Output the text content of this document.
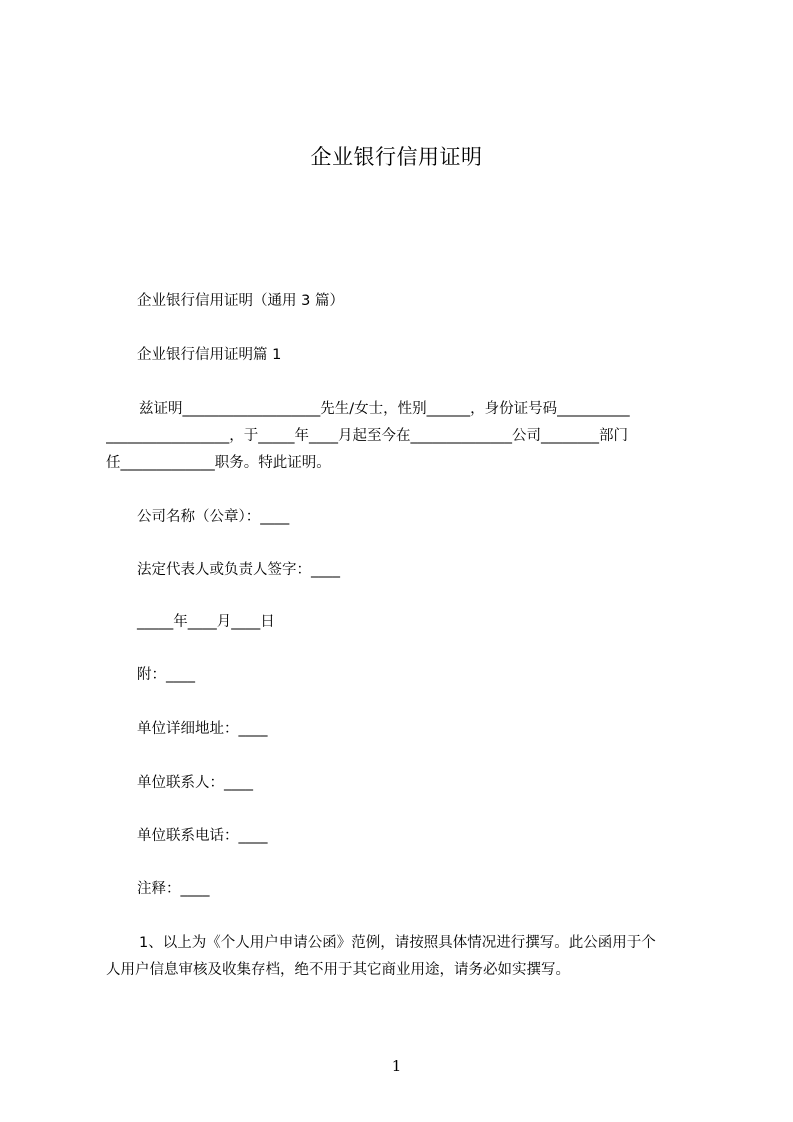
企业银行信用证明

企业银行信用证明（通用 3 篇）

企业银行信用证明篇 1

兹证明___________________先生/女士，性别______，身份证号码__________

_________________，于_____年____月起至今在______________公司________部门

任_____________职务。特此证明。

公司名称（公章）：____

法定代表人或负责人签字：____

_____年____月____日

附：____

单位详细地址：____

单位联系人：____

单位联系电话：____

注释：____

1、以上为《个人用户申请公函》范例，请按照具体情况进行撰写。此公函用于个

人用户信息审核及收集存档，绝不用于其它商业用途，请务必如实撰写。

1
